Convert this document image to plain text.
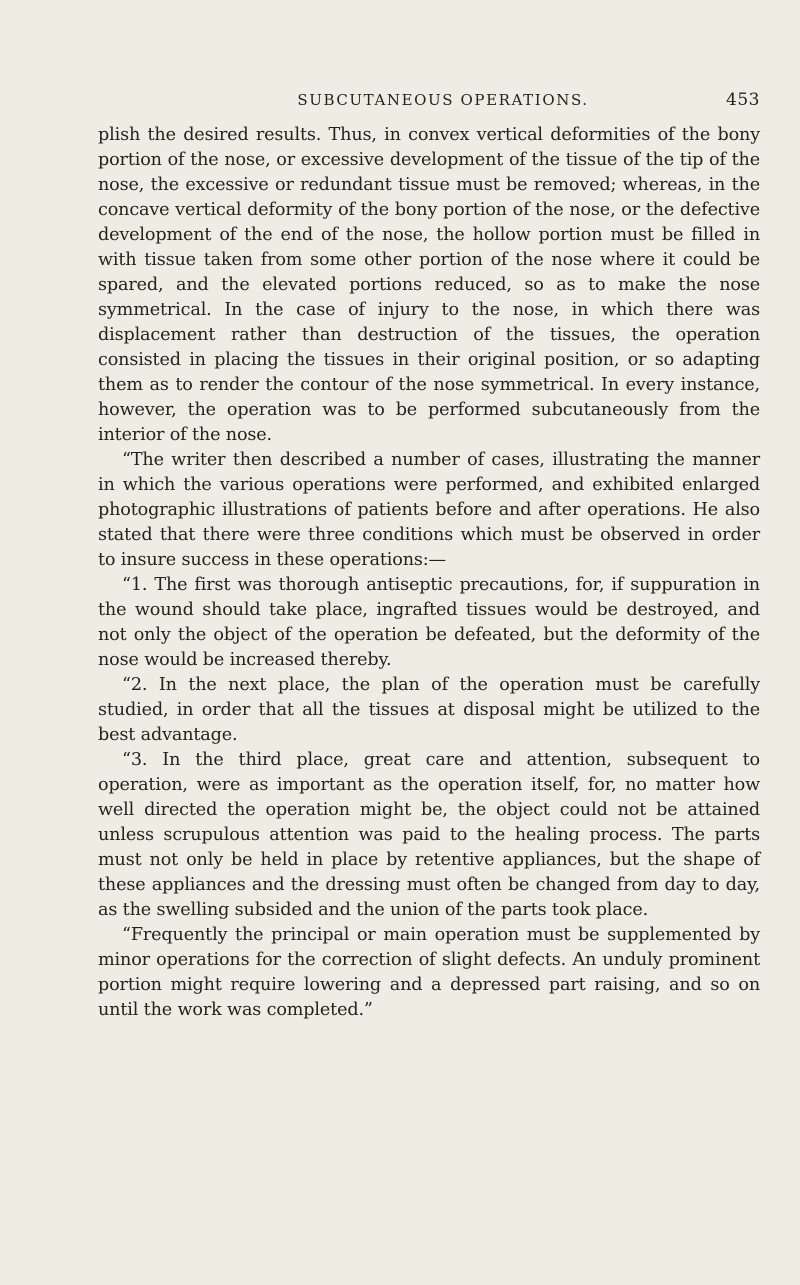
SUBCUTANEOUS OPERATIONS.	453

plish the desired results. Thus, in convex vertical deformities of the bony portion of the nose, or excessive development of the tissue of the tip of the nose, the excessive or redundant tissue must be removed; whereas, in the concave vertical deformity of the bony portion of the nose, or the defective development of the end of the nose, the hollow portion must be filled in with tissue taken from some other portion of the nose where it could be spared, and the elevated portions reduced, so as to make the nose symmetrical. In the case of injury to the nose, in which there was displacement rather than destruction of the tissues, the operation consisted in placing the tissues in their original position, or so adapting them as to render the contour of the nose symmetrical. In every instance, however, the operation was to be performed subcutaneously from the interior of the nose.

“The writer then described a number of cases, illustrating the manner in which the various operations were performed, and exhibited enlarged photographic illustrations of patients before and after operations. He also stated that there were three conditions which must be observed in order to insure success in these operations:—

“1. The first was thorough antiseptic precautions, for, if suppuration in the wound should take place, ingrafted tissues would be destroyed, and not only the object of the operation be defeated, but the deformity of the nose would be increased thereby.

“2. In the next place, the plan of the operation must be carefully studied, in order that all the tissues at disposal might be utilized to the best advantage.

“3. In the third place, great care and attention, subsequent to operation, were as important as the operation itself, for, no matter how well directed the operation might be, the object could not be attained unless scrupulous attention was paid to the healing process. The parts must not only be held in place by retentive appliances, but the shape of these appliances and the dressing must often be changed from day to day, as the swelling subsided and the union of the parts took place.

“Frequently the principal or main operation must be supplemented by minor operations for the correction of slight defects. An unduly prominent portion might require lowering and a depressed part raising, and so on until the work was completed.”
